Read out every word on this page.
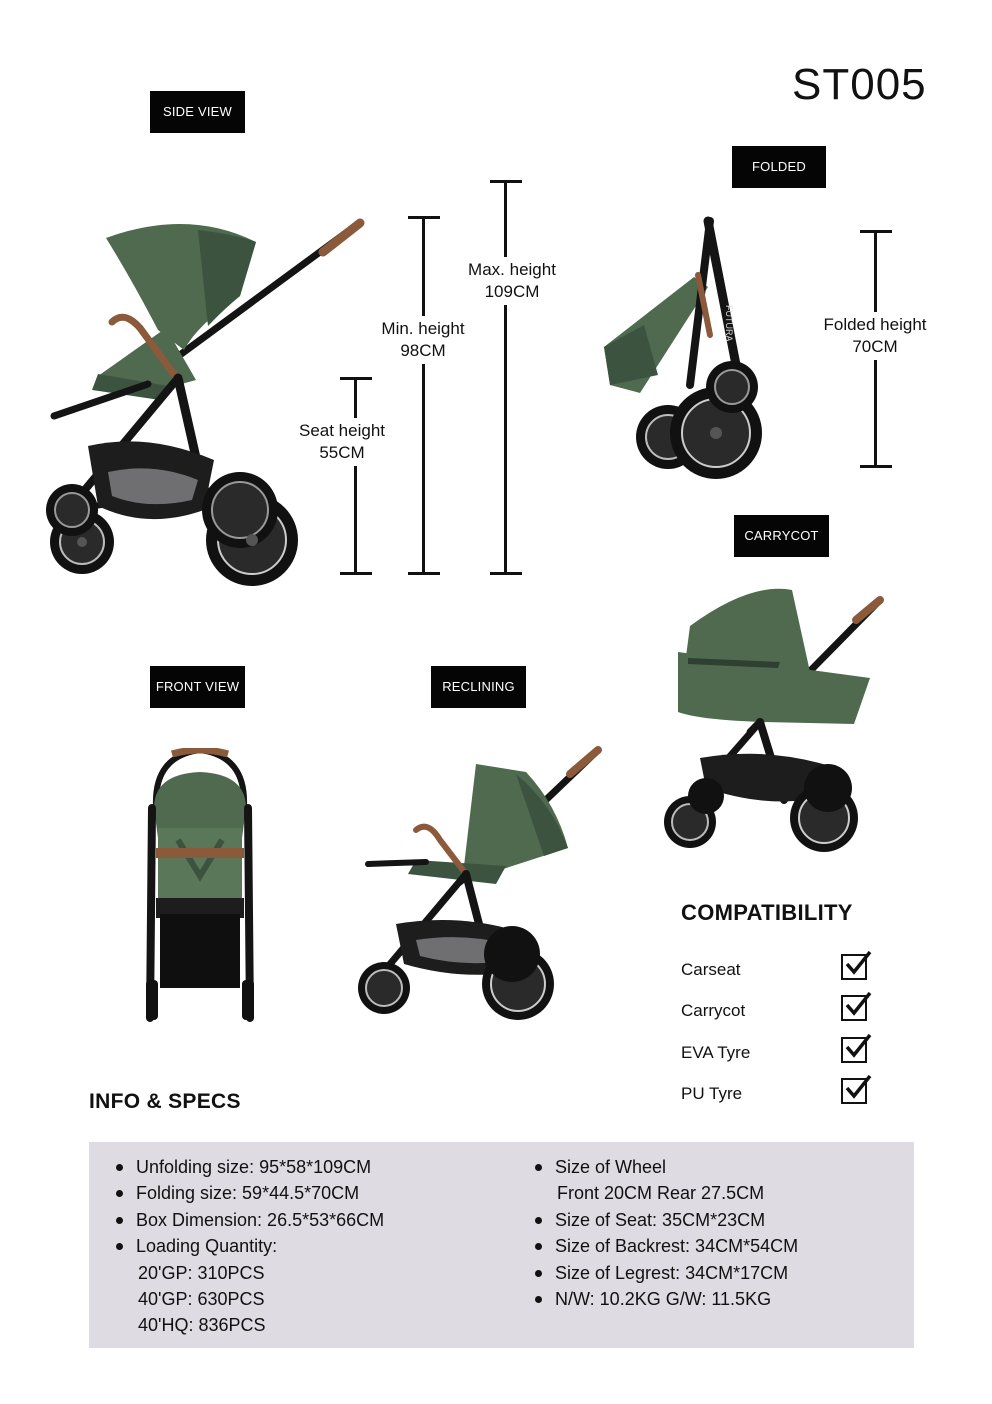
ST005
SIDE VIEW
FOLDED
CARRYCOT
FRONT VIEW	RECLINING
Seat height
55CM
Min. height
98CM
Max. height
109CM
FUTURA	Folded height
70CM
COMPATIBILITY
Carseat
Carrycot
EVA Tyre
PU Tyre
INFO & SPECS
Unfolding size: 95*58*109CM
Folding size: 59*44.5*70CM
Box Dimension: 26.5*53*66CM
Loading Quantity:
20'GP: 310PCS
40'GP: 630PCS
40'HQ: 836PCS
Size of Wheel
Front 20CM Rear 27.5CM
Size of Seat: 35CM*23CM
Size of Backrest: 34CM*54CM
Size of Legrest: 34CM*17CM
N/W: 10.2KG G/W: 11.5KG
